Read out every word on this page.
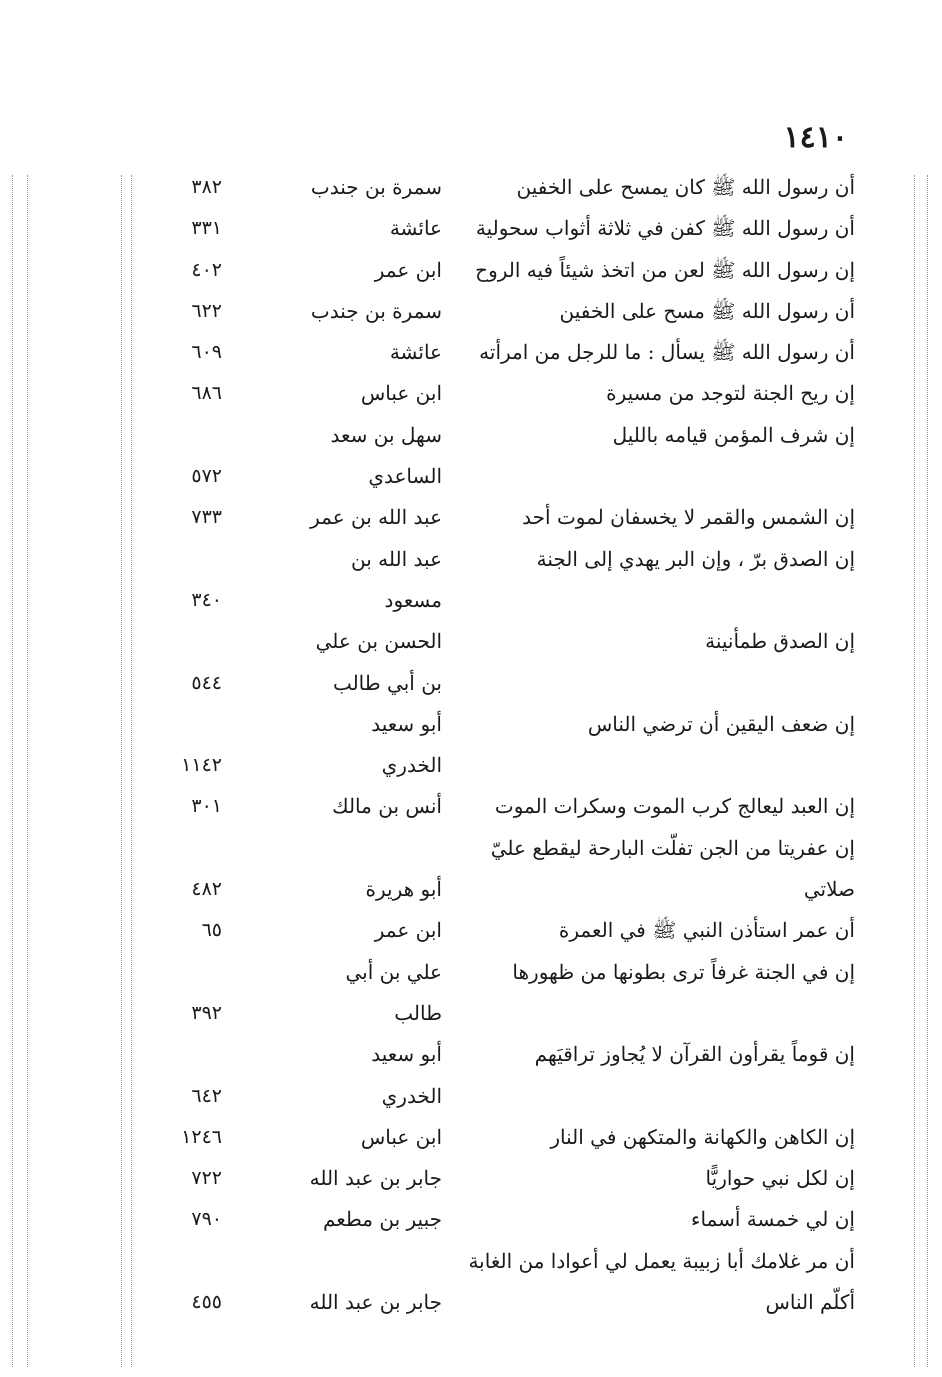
١٤١٠
أن رسول الله ﷺ كان يمسح على الخفين
سمرة بن جندب
٣٨٢
أن رسول الله ﷺ كفن في ثلاثة أثواب سحولية
عائشة
٣٣١
إن رسول الله ﷺ لعن من اتخذ شيئاً فيه الروح
ابن عمر
٤٠٢
أن رسول الله ﷺ مسح على الخفين
سمرة بن جندب
٦٢٢
أن رسول الله ﷺ يسأل : ما للرجل من امرأته
عائشة
٦٠٩
إن ريح الجنة لتوجد من مسيرة
ابن عباس
٦٨٦
إن شرف المؤمن قيامه بالليل
سهل بن سعد
الساعدي
٥٧٢
إن الشمس والقمر لا يخسفان لموت أحد
عبد الله بن عمر
٧٣٣
إن الصدق برّ ، وإن البر يهدي إلى الجنة
عبد الله بن
مسعود
٣٤٠
إن الصدق طمأنينة
الحسن بن علي
بن أبي طالب
٥٤٤
إن ضعف اليقين أن ترضي الناس
أبو سعيد
الخدري
١١٤٢
إن العبد ليعالج كرب الموت وسكرات الموت
أنس بن مالك
٣٠١
إن عفريتا من الجن تفلّت البارحة ليقطع عليّ
صلاتي
أبو هريرة
٤٨٢
أن عمر استأذن النبي ﷺ في العمرة
ابن عمر
٦٥
إن في الجنة غرفاً ترى بطونها من ظهورها
علي بن أبي
طالب
٣٩٢
إن قوماً يقرأون القرآن لا يُجاوز تراقيَهم
أبو سعيد
الخدري
٦٤٢
إن الكاهن والكهانة والمتكهن في النار
ابن عباس
١٢٤٦
إن لكل نبي حواريًّا
جابر بن عبد الله
٧٢٢
إن لي خمسة أسماء
جبير بن مطعم
٧٩٠
أن مر غلامك أبا زبيبة يعمل لي أعوادا من الغابة
أكلّم الناس
جابر بن عبد الله
٤٥٥
